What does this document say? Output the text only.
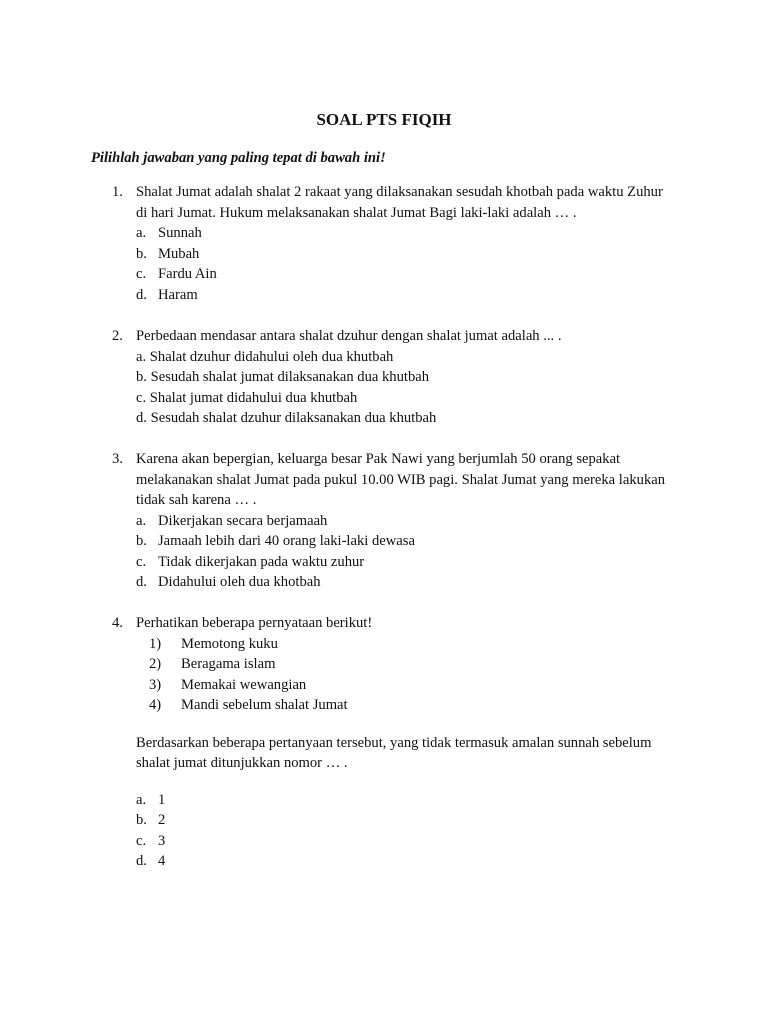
SOAL PTS FIQIH
Pilihlah jawaban yang paling tepat di bawah ini!
1. Shalat Jumat adalah shalat 2 rakaat yang dilaksanakan sesudah khotbah pada waktu Zuhur di hari Jumat. Hukum melaksanakan shalat Jumat Bagi laki-laki adalah … .
a. Sunnah
b. Mubah
c. Fardu Ain
d. Haram
2. Perbedaan mendasar antara shalat dzuhur dengan shalat jumat adalah ... .
a. Shalat dzuhur didahului oleh dua khutbah
b. Sesudah shalat jumat dilaksanakan dua khutbah
c. Shalat jumat didahului dua khutbah
d. Sesudah shalat dzuhur dilaksanakan dua khutbah
3. Karena akan bepergian, keluarga besar Pak Nawi yang berjumlah 50 orang sepakat melakanakan shalat Jumat pada pukul 10.00 WIB pagi. Shalat Jumat yang mereka lakukan tidak sah karena … .
a. Dikerjakan secara berjamaah
b. Jamaah lebih dari 40 orang laki-laki dewasa
c. Tidak dikerjakan pada waktu zuhur
d. Didahului oleh dua khotbah
4. Perhatikan beberapa pernyataan berikut!
1)	Memotong kuku
2)	Beragama islam
3)	Memakai wewangian
4)	Mandi sebelum shalat Jumat
Berdasarkan beberapa pertanyaan tersebut, yang tidak termasuk amalan sunnah sebelum shalat jumat ditunjukkan nomor … .
a. 1
b. 2
c. 3
d. 4
